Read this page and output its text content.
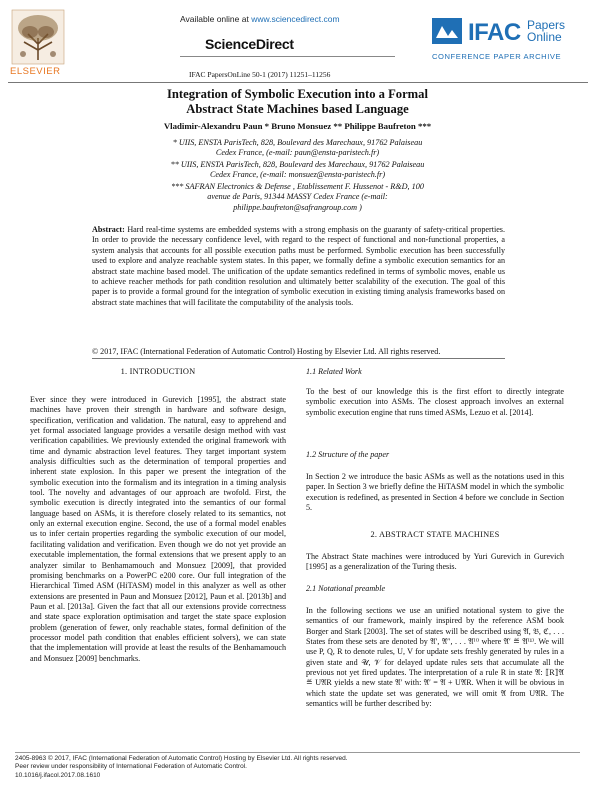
ELSEVIER
Available online at www.sciencedirect.com
ScienceDirect	IFAC Papers
Online
CONFERENCE PAPER ARCHIVE
IFAC PapersOnLine 50-1 (2017) 11251–11256
Integration of Symbolic Execution into a Formal
Abstract State Machines based Language
Vladimir-Alexandru Paun * Bruno Monsuez ** Philippe Baufreton ***
* UIIS, ENSTA ParisTech, 828, Boulevard des Marechaux, 91762 Palaiseau
Cedex France, (e-mail: paun@ensta-paristech.fr)
** UIIS, ENSTA ParisTech, 828, Boulevard des Marechaux, 91762 Palaiseau
Cedex France, (e-mail: monsuez@ensta-paristech.fr)
*** SAFRAN Electronics & Defense , Etablissement F. Hussenot - R&D, 100
avenue de Paris, 91344 MASSY Cedex France (e-mail:
philippe.baufreton@safrangroup.com )
Abstract: Hard real-time systems are embedded systems with a strong emphasis on the guaranty of safety-critical properties. In order to provide the necessary confidence level, with regard to the respect of functional and non-functional properties, a system analysis that accounts for all possible execution paths must be performed. Symbolic execution has been successfully used to explore and analyze reachable system states. In this paper, we formally define a symbolic execution semantics for an abstract state machine based model. The unification of the update semantics redefined in terms of symbolic moves, enable us to achieve reacher methods for path condition resolution and ultimately better scalability of the execution. The goal of this paper is to provide a formal ground for the integration of symbolic execution in existing timing analysis frameworks based on abstract state machines that will facilitate the computability of the analysis tools.
© 2017, IFAC (International Federation of Automatic Control) Hosting by Elsevier Ltd. All rights reserved.
1. INTRODUCTION
Ever since they were introduced in Gurevich [1995], the abstract state machines have proven their strength in hardware and software design, specification, verification and validation. The natural, easy to apprehend and yet formal associated language provides a versatile design method with vast verification capabilities. We previously extended the original framework with time and dynamic abstraction level features. They target important system analysis difficulties such as the determination of temporal properties and inherent state explosion. In this paper we present the integration of the symbolic execution into the formalism and its integration in a timing analysis tool. The novelty and advantages of our approach are twofold. First, the symbolic execution is directly integrated into the semantics of our formal language based on ASMs, it is therefore closely related to its semantics, not only an external execution engine. Second, the use of a formal model enables us to infer certain properties regarding the symbolic execution of our model, facilitating validation and verification. Even though we do not yet provide an executable implementation, the formal extensions that we present apply to an analyzer similar to Benhamamouch and Monsuez [2009], that provided promising benchmarks on a PowerPC e200 core. Our full integration of the Hierarchical Timed ASM (HiTASM) model in this analyzer as well as other extensions are presented in Paun and Monsuez [2012], Paun et al. [2013b] and Paun et al. [2013a]. Given the fact that all our extensions provide correctness and state space exploration optimisation and target the state space explosion problem (generation of fewer, only reachable states, formal definition of the processor model path condition that enables efficient solvers), we can state that the implementation will provide at least the results of the Benhamamouch and Monsuez [2009] benchmarks.
1.1 Related Work
To the best of our knowledge this is the first effort to directly integrate symbolic execution into ASMs. The closest approach involves an external symbolic execution engine that runs timed ASMs, Lezuo et al. [2014].
1.2 Structure of the paper
In Section 2 we introduce the basic ASMs as well as the notations used in this paper. In Section 3 we briefly define the HiTASM model in which the symbolic execution is redefined, as presented in Section 4 before we conclude in Section 5.
2. ABSTRACT STATE MACHINES
The Abstract State machines were introduced by Yuri Gurevich in Gurevich [1995] as a generalization of the Turing thesis.
2.1 Notational preamble
In the following sections we use an unified notational system to give the semantics of our framework, mainly inspired by the reference ASM book Borger and Stark [2003]. The set of states will be described using 𝔄, 𝔅, ℭ, . . . States from these sets are denoted by 𝔄′, 𝔄″, . . . 𝔄⁽ⁱ⁾ where 𝔄′ ≝ 𝔄⁽¹⁾. We will use P, Q, R to denote rules, U, V for update sets freshly generated by rules in a given state and 𝒰, 𝒱 for delayed update rules sets that accumulate all the previous not yet fired updates. The interpretation of a rule R in state 𝔄: ⟦R⟧𝔄 ≝ U𝔄R yields a new state 𝔄′ with: 𝔄′ = 𝔄 + U𝔄R. When it will be obvious in which state the update set was generated, we will omit 𝔄 from U𝔄R. The semantics will be further described by:
2405-8963 © 2017, IFAC (International Federation of Automatic Control) Hosting by Elsevier Ltd. All rights reserved.
Peer review under responsibility of International Federation of Automatic Control.
10.1016/j.ifacol.2017.08.1610
